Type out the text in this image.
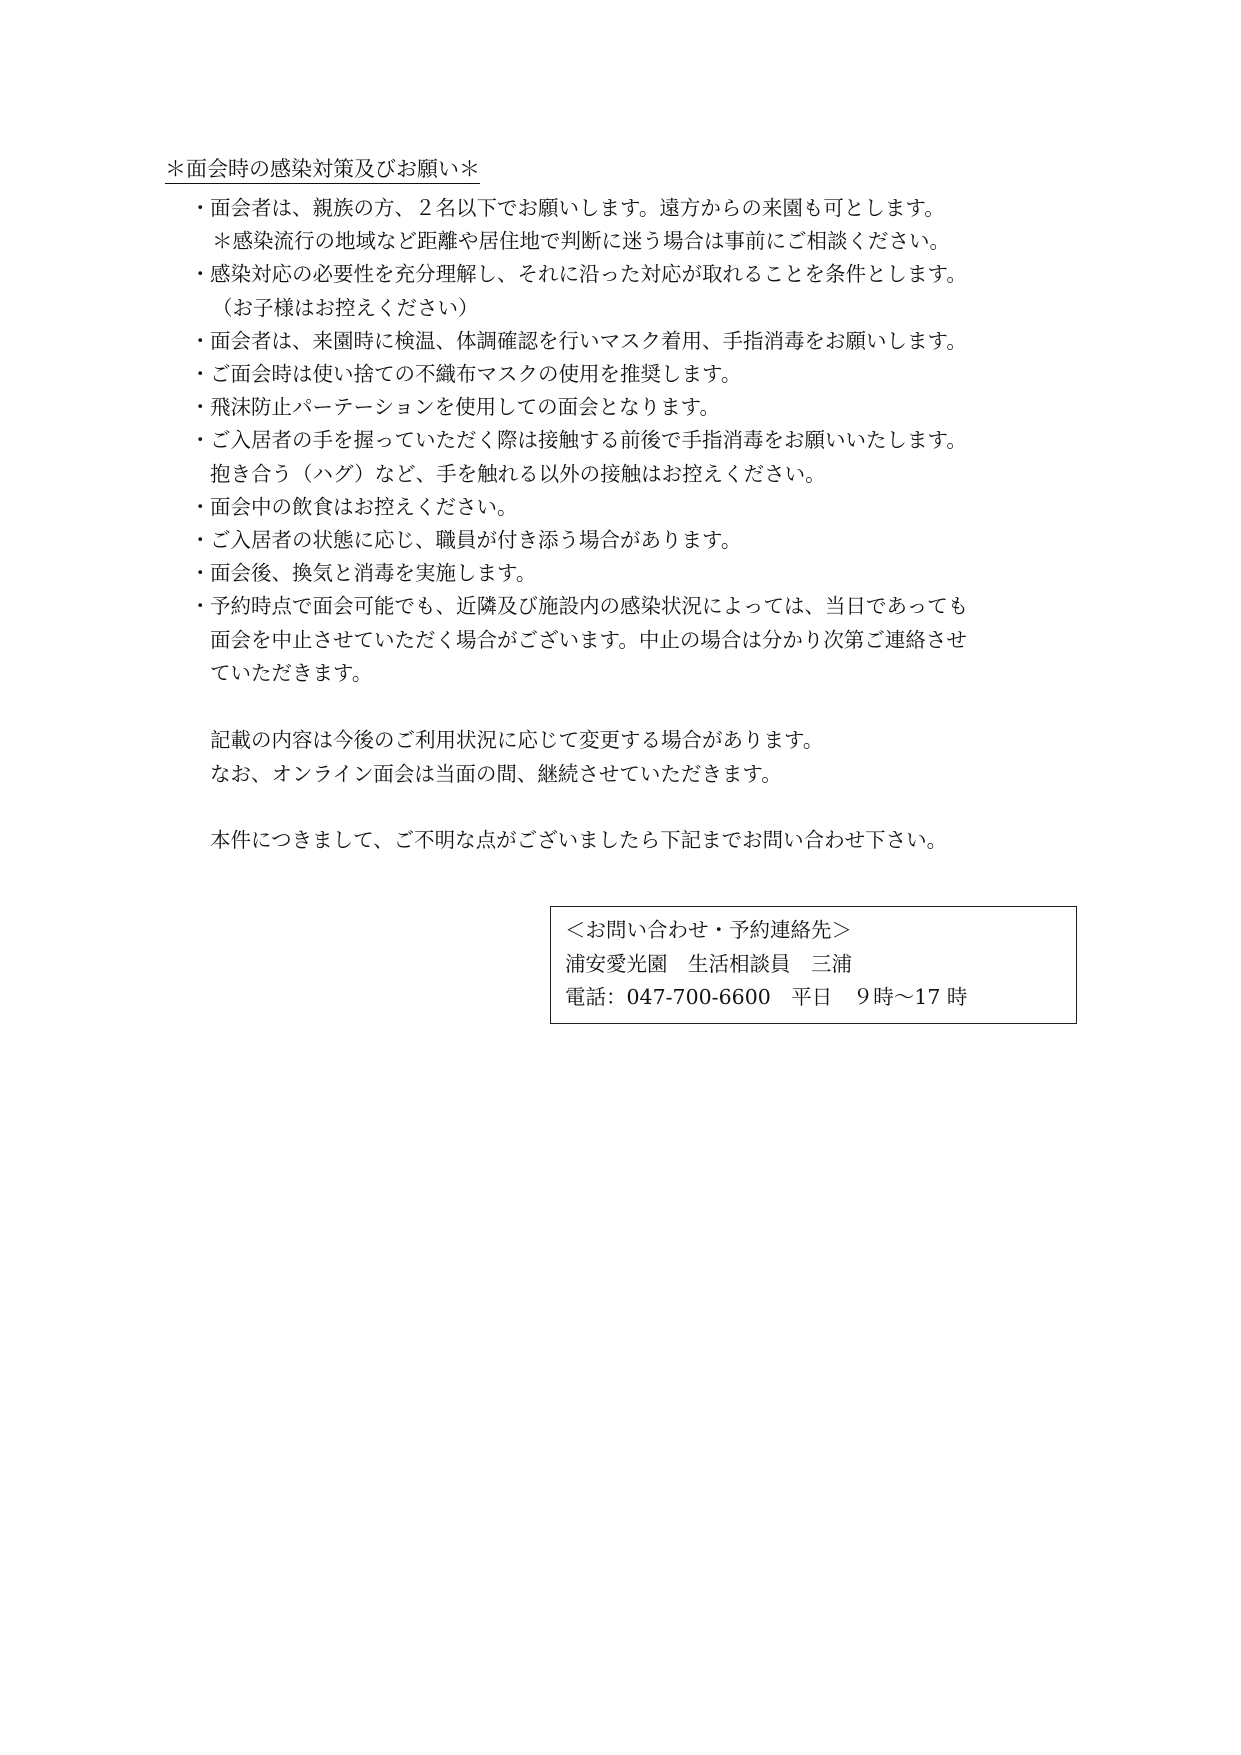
＊面会時の感染対策及びお願い＊
・ 面会者は、親族の方、２名以下でお願いします。遠方からの来園も可とします。
＊感染流行の地域など距離や居住地で判断に迷う場合は事前にご相談ください。
・ 感染対応の必要性を充分理解し、それに沿った対応が取れることを条件とします。
（お子様はお控えください）
・ 面会者は、来園時に検温、体調確認を行いマスク着用、手指消毒をお願いします。
・ ご面会時は使い捨ての不織布マスクの使用を推奨します。
・ 飛沫防止パーテーションを使用しての面会となります。
・ ご入居者の手を握っていただく際は接触する前後で手指消毒をお願いいたします。
抱き合う（ハグ）など、手を触れる以外の接触はお控えください。
・ 面会中の飲食はお控えください。
・ ご入居者の状態に応じ、職員が付き添う場合があります。
・ 面会後、換気と消毒を実施します。
・ 予約時点で面会可能でも、近隣及び施設内の感染状況によっては、当日であっても
面会を中止させていただく場合がございます。中止の場合は分かり次第ご連絡させ
ていただきます。
記載の内容は今後のご利用状況に応じて変更する場合があります。
なお、オンライン面会は当面の間、継続させていただきます。
本件につきまして、ご不明な点がございましたら下記までお問い合わせ下さい。
＜お問い合わせ・予約連絡先＞
浦安愛光園　生活相談員　三浦
電話：047-700-6600　平日　９時～17 時
